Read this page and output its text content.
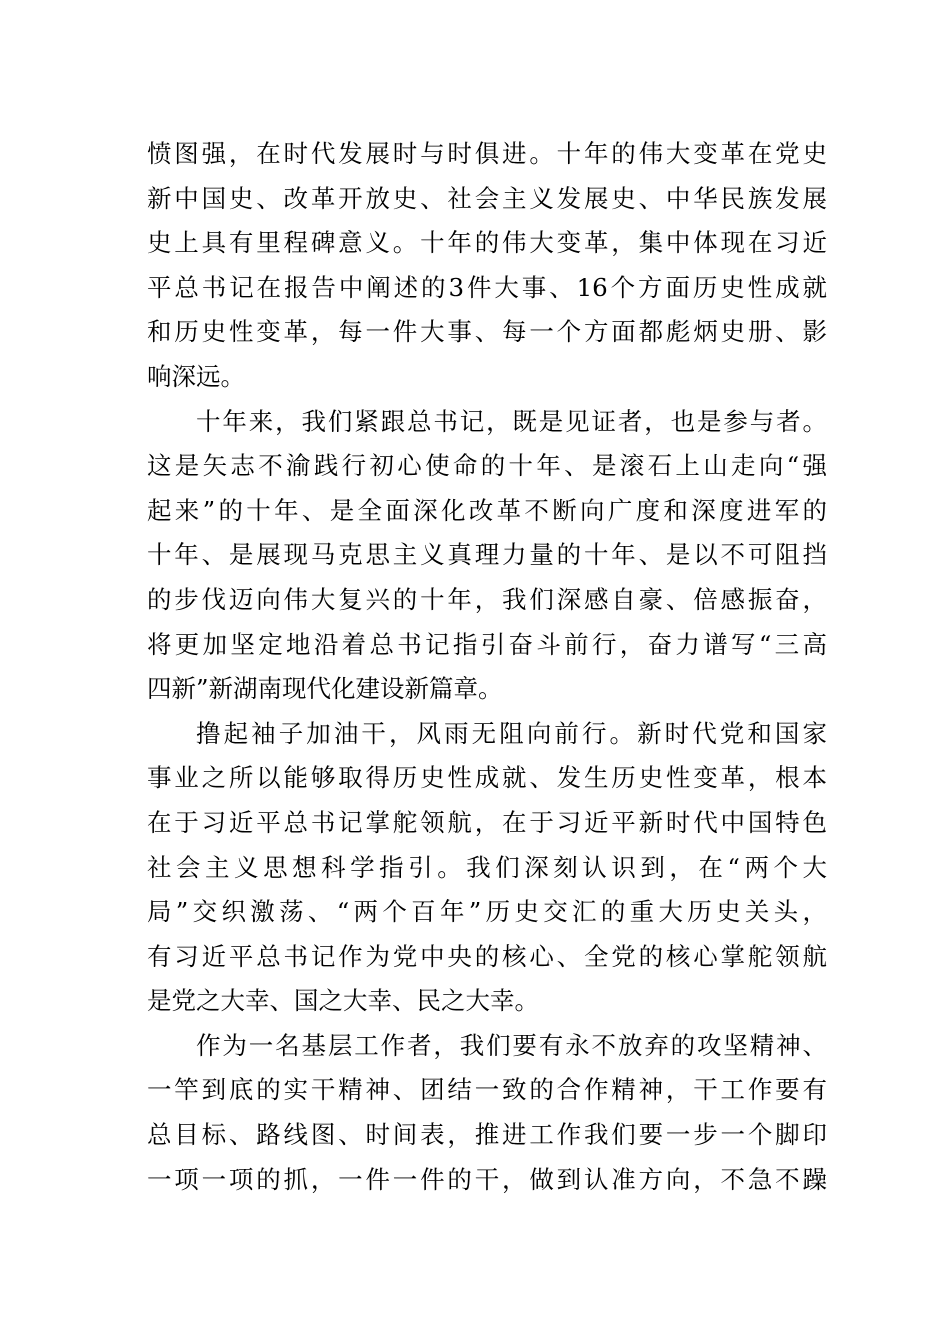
愤图强，在时代发展时与时俱进。十年的伟大变革在党史
新中国史、改革开放史、社会主义发展史、中华民族发展
史上具有里程碑意义。十年的伟大变革，集中体现在习近
平总书记在报告中阐述的3件大事、16个方面历史性成就
和历史性变革，每一件大事、每一个方面都彪炳史册、影
响深远。
十年来，我们紧跟总书记，既是见证者，也是参与者。
这是矢志不渝践行初心使命的十年、是滚石上山走向“强
起来”的十年、是全面深化改革不断向广度和深度进军的
十年、是展现马克思主义真理力量的十年、是以不可阻挡
的步伐迈向伟大复兴的十年，我们深感自豪、倍感振奋，
将更加坚定地沿着总书记指引奋斗前行，奋力谱写“三高
四新”新湖南现代化建设新篇章。
撸起袖子加油干，风雨无阻向前行。新时代党和国家
事业之所以能够取得历史性成就、发生历史性变革，根本
在于习近平总书记掌舵领航，在于习近平新时代中国特色
社会主义思想科学指引。我们深刻认识到，在“两个大
局”交织激荡、“两个百年”历史交汇的重大历史关头，
有习近平总书记作为党中央的核心、全党的核心掌舵领航
是党之大幸、国之大幸、民之大幸。
作为一名基层工作者，我们要有永不放弃的攻坚精神、
一竿到底的实干精神、团结一致的合作精神，干工作要有
总目标、路线图、时间表，推进工作我们要一步一个脚印
一项一项的抓，一件一件的干，做到认准方向，不急不躁
